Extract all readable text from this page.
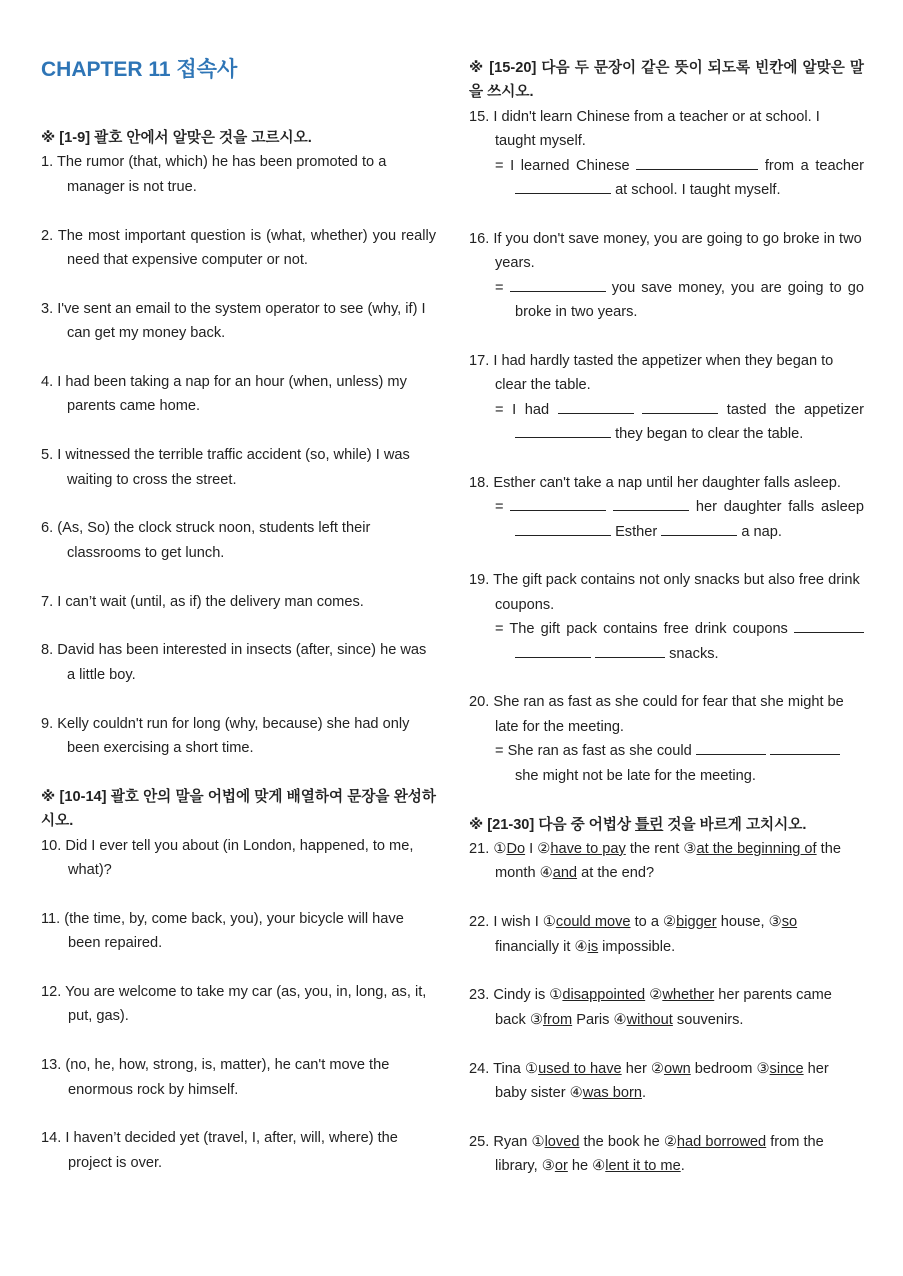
CHAPTER 11 접속사
※ [1-9] 괄호 안에서 알맞은 것을 고르시오.
1. The rumor (that, which) he has been promoted to a manager is not true.
2. The most important question is (what, whether) you really need that expensive computer or not.
3. I've sent an email to the system operator to see (why, if) I can get my money back.
4. I had been taking a nap for an hour (when, unless) my parents came home.
5. I witnessed the terrible traffic accident (so, while) I was waiting to cross the street.
6. (As, So) the clock struck noon, students left their classrooms to get lunch.
7. I can’t wait (until, as if) the delivery man comes.
8. David has been interested in insects (after, since) he was a little boy.
9. Kelly couldn't run for long (why, because) she had only been exercising a short time.
※ [10-14] 괄호 안의 말을 어법에 맞게 배열하여 문장을 완성하시오.
10. Did I ever tell you about (in London, happened, to me, what)?
11. (the time, by, come back, you), your bicycle will have been repaired.
12. You are welcome to take my car (as, you, in, long, as, it, put, gas).
13. (no, he, how, strong, is, matter), he can't move the enormous rock by himself.
14. I haven’t decided yet (travel, I, after, will, where) the project is over.
※ [15-20] 다음 두 문장이 같은 뜻이 되도록 빈칸에 알맞은 말을 쓰시오.
15. I didn't learn Chinese from a teacher or at school. I taught myself.
= I learned Chinese	from a teacher  at school. I taught myself.
16. If you don't save money, you are going to go broke in two years.
=	you save money, you are going to go broke in two years.
17. I had hardly tasted the appetizer when they began to clear the table.
= I had	tasted the appetizer  they began to clear the table.
18. Esther can't take a nap until her daughter falls asleep.
=	her daughter falls asleep  Esther	a nap.
19. The gift pack contains not only snacks but also free drink coupons.
= The gift pack contains free drink coupons    snacks.
20. She ran as fast as she could for fear that she might be late for the meeting.
= She ran as fast as she could   she might not be late for the meeting.
※ [21-30] 다음 중 어법상 틀린 것을 바르게 고치시오.
21. ①Do I ②have to pay the rent ③at the beginning of the month ④and at the end?
22. I wish I ①could move to a ②bigger house, ③so financially it ④is impossible.
23. Cindy is ①disappointed ②whether her parents came back ③from Paris ④without souvenirs.
24. Tina ①used to have her ②own bedroom ③since her baby sister ④was born.
25. Ryan ①loved the book he ②had borrowed from the library, ③or he ④lent it to me.
